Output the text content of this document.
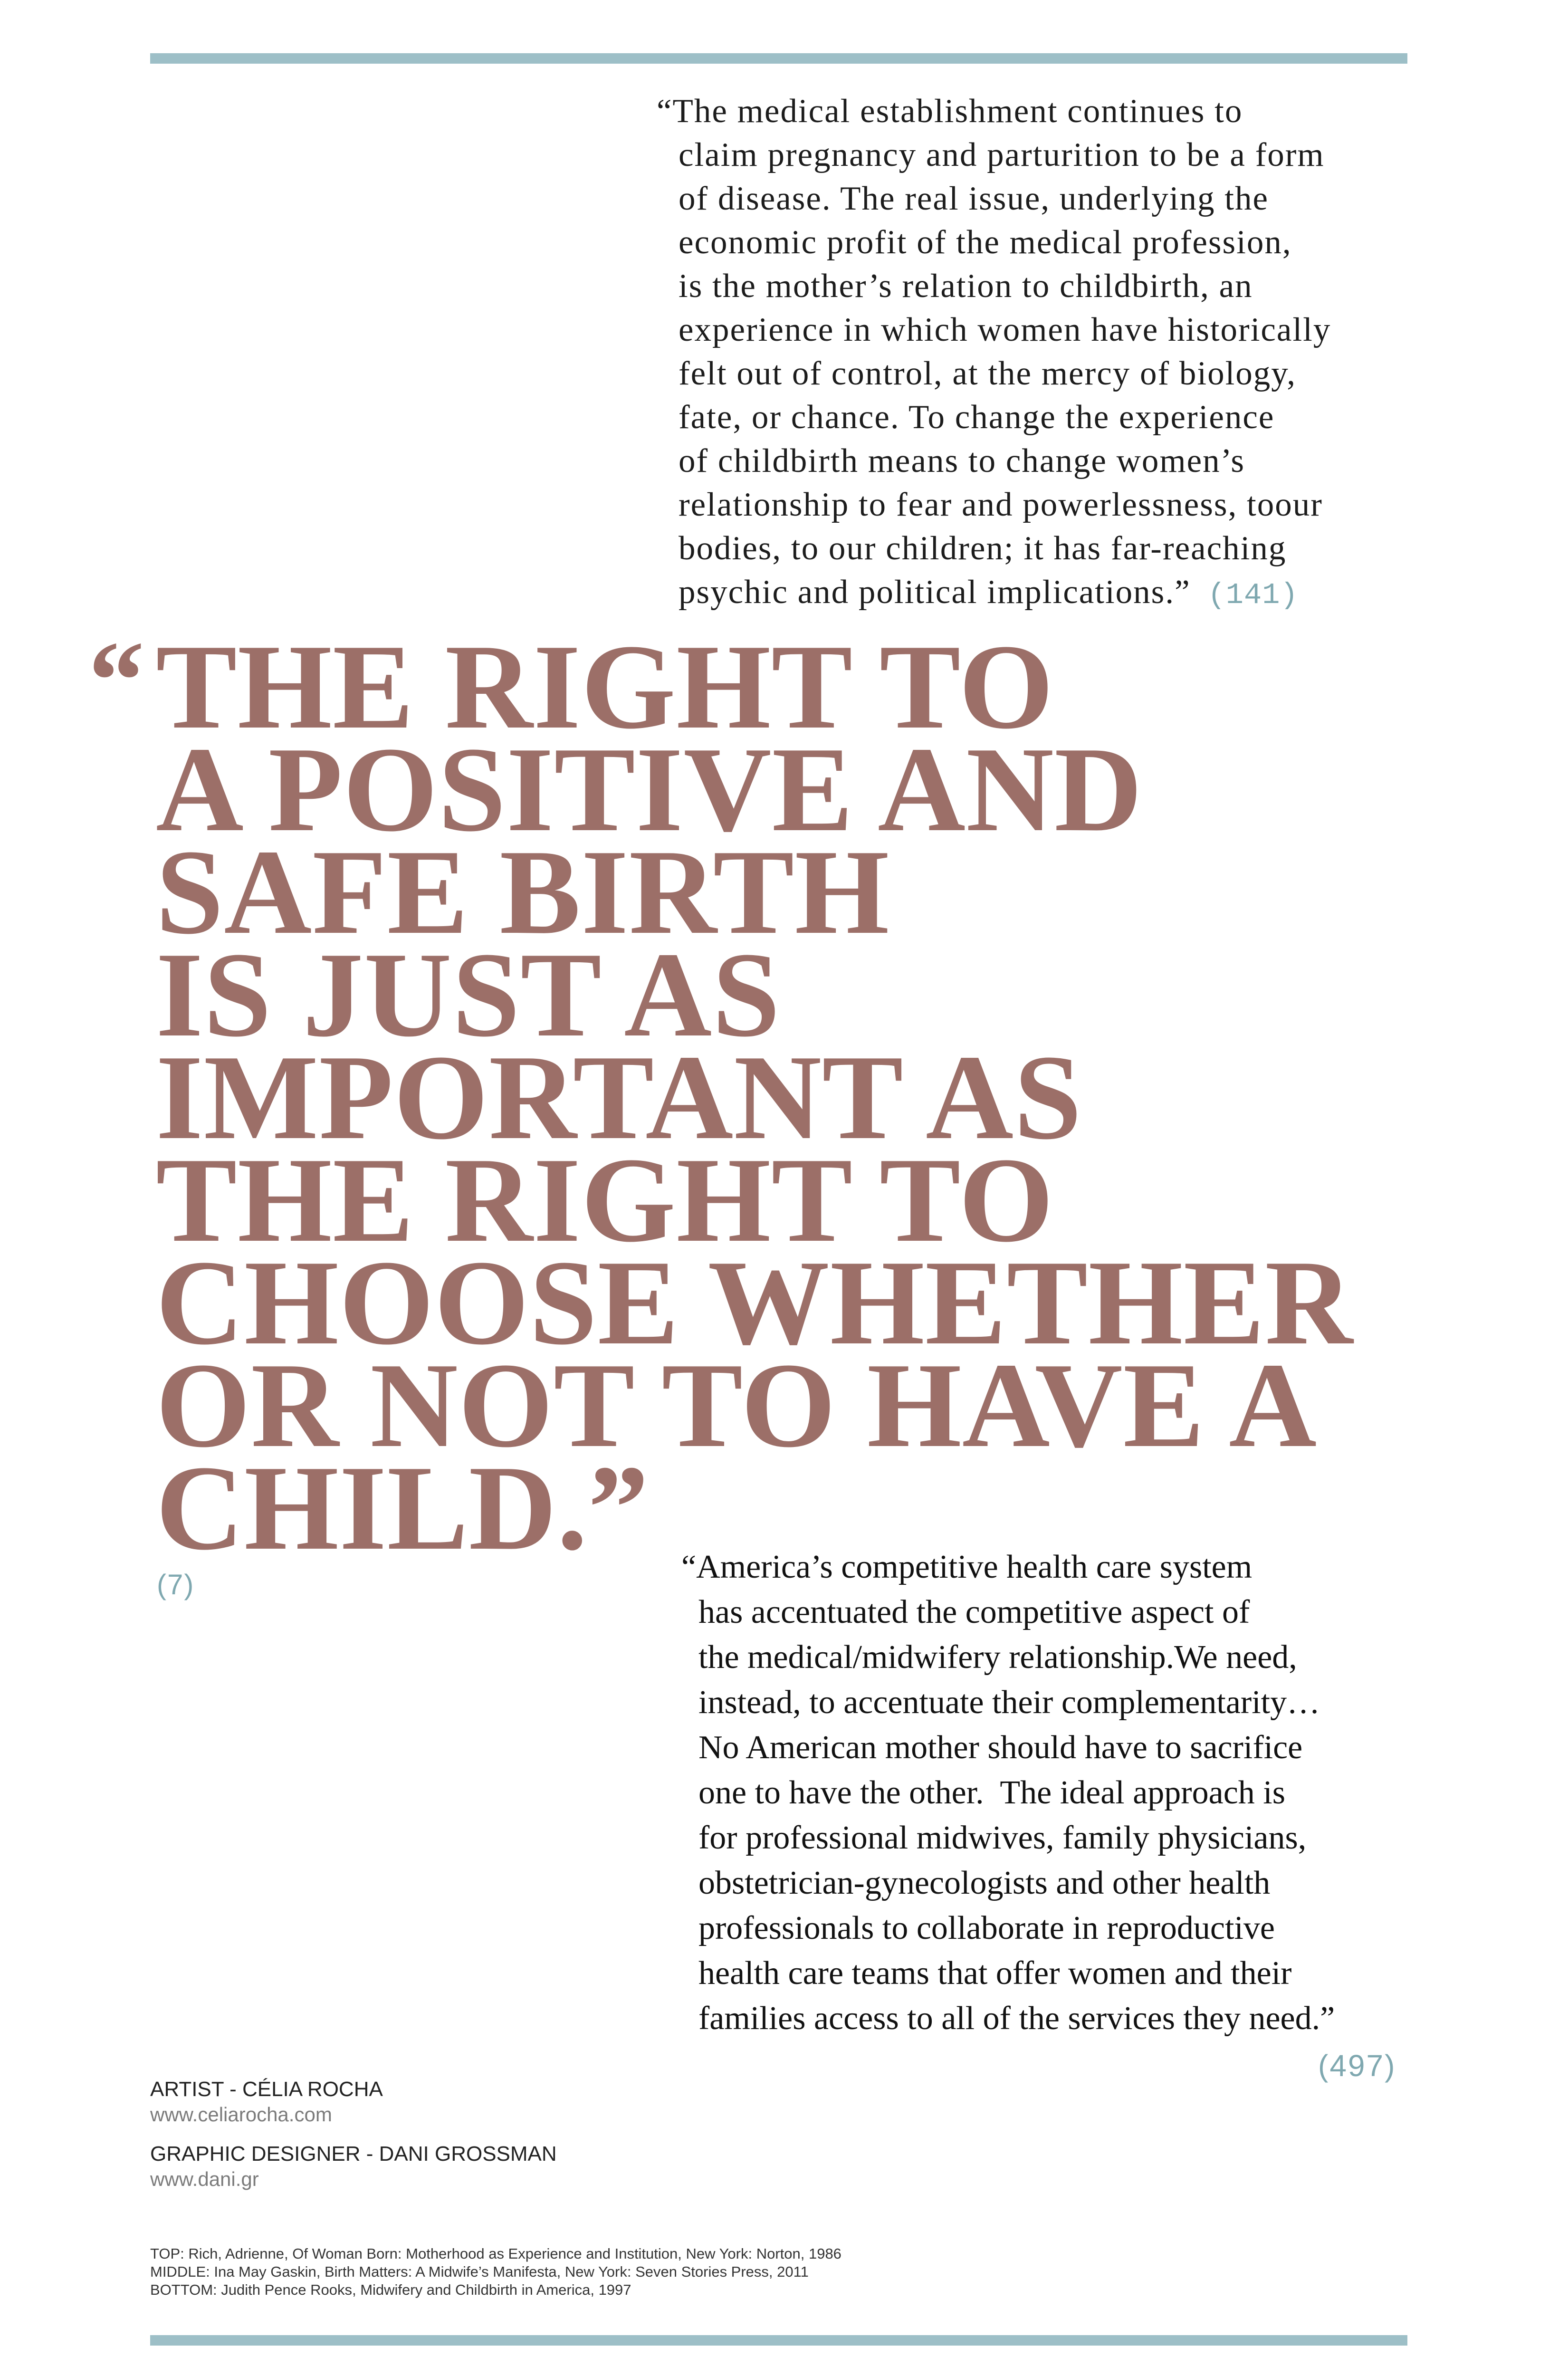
“The medical establishment continues to
claim pregnancy and parturition to be a form
of disease. The real issue, underlying the
economic profit of the medical profession,
is the mother’s relation to childbirth, an
experience in which women have historically
felt out of control, at the mercy of biology,
fate, or chance. To change the experience
of childbirth means to change women’s
relationship to fear and powerlessness, toour
bodies, to our children; it has far-reaching
psychic and political implications.” (141)
“ THE RIGHT TO
A POSITIVE AND
SAFE BIRTH
IS JUST AS
IMPORTANT AS
THE RIGHT TO
CHOOSE WHETHER
OR NOT TO HAVE A
CHILD.”
(7)	“America’s competitive health care system
has accentuated the competitive aspect of
the medical/midwifery relationship.We need,
instead, to accentuate their complementarity…
No American mother should have to sacrifice
one to have the other.  The ideal approach is
for professional midwives, family physicians,
obstetrician-gynecologists and other health
professionals to collaborate in reproductive
health care teams that offer women and their
families access to all of the services they need.”
(497)
ARTIST - CÉLIA ROCHA
www.celiarocha.com
GRAPHIC DESIGNER - DANI GROSSMAN
www.dani.gr
TOP: Rich, Adrienne, Of Woman Born: Motherhood as Experience and Institution, New York: Norton, 1986
MIDDLE: Ina May Gaskin, Birth Matters: A Midwife’s Manifesta, New York: Seven Stories Press, 2011
BOTTOM: Judith Pence Rooks, Midwifery and Childbirth in America, 1997
